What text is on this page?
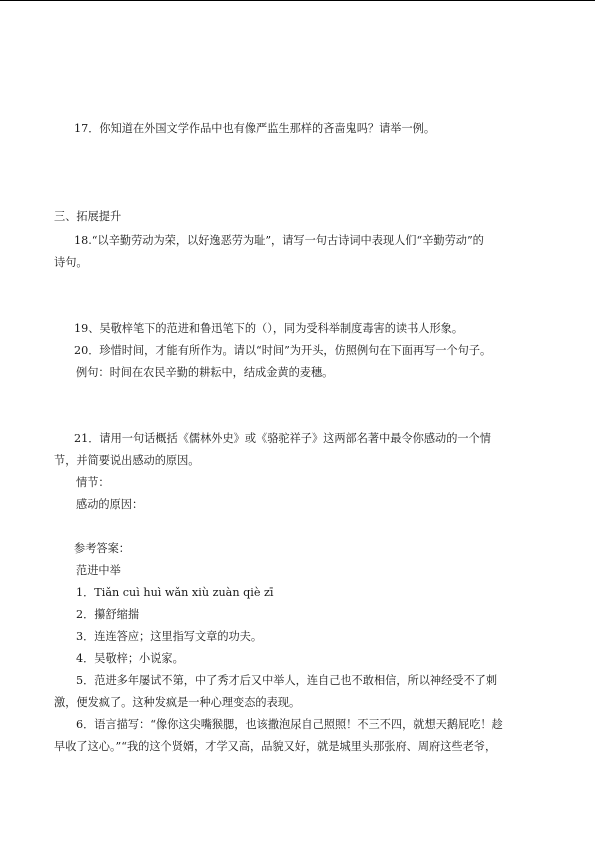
17．你知道在外国文学作品中也有像严监生那样的吝啬鬼吗？请举一例。
三、拓展提升
18.“以辛勤劳动为荣，以好逸恶劳为耻”，请写一句古诗词中表现人们“辛勤劳动”的
诗句。
19、吴敬梓笔下的范进和鲁迅笔下的（），同为受科举制度毒害的读书人形象。
20．珍惜时间，才能有所作为。请以“时间”为开头，仿照例句在下面再写一个句子。
例句：时间在农民辛勤的耕耘中，结成金黄的麦穗。
21．请用一句话概括《儒林外史》或《骆驼祥子》这两部名著中最令你感动的一个情
节，并简要说出感动的原因。
情节：
感动的原因：
参考答案：
范进中举
1．Tiǎn cuì huì wǎn xiù zuàn qiè zī
2．攥舒缩揣
3．连连答应；这里指写文章的功夫。
4．吴敬梓；小说家。
5．范进多年屡试不第，中了秀才后又中举人，连自己也不敢相信，所以神经受不了刺
激，便发疯了。这种发疯是一种心理变态的表现。
6．语言描写：“像你这尖嘴猴腮，也该撒泡尿自己照照！不三不四，就想天鹅屁吃！趁
早收了这心。”“我的这个贤婿，才学又高，品貌又好，就是城里头那张府、周府这些老爷，
